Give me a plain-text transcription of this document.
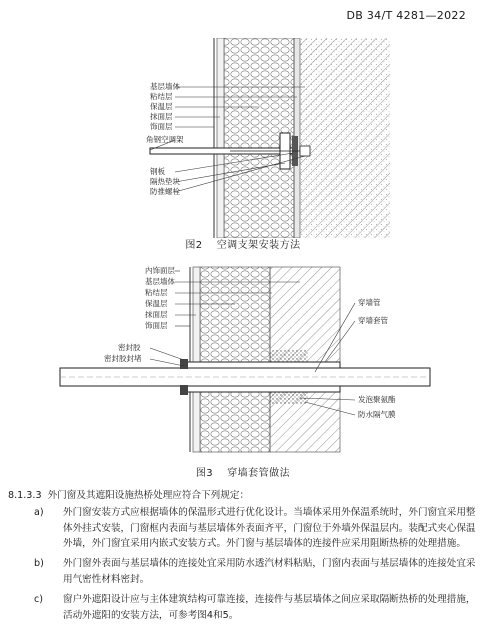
DB 34/T 4281—2022
基层墙体
粘结层
保温层
抹面层
饰面层
角钢空调架
钢板
隔热垫块
防推螺栓
图2 空调支架安装方法
内饰面层
基层墙体
粘结层
保温层
抹面层
饰面层
密封胶
密封胶封堵
穿墙管
穿墙套管
发泡聚氨酯
防水隔气膜
图3 穿墙套管做法

8.1.3.3 外门窗及其遮阳设施热桥处理应符合下列规定：

a) 外门窗安装方式应根据墙体的保温形式进行优化设计。当墙体采用外保温系统时，外门窗宜采用整体外挂式安装，门窗框内表面与基层墙体外表面齐平，门窗位于外墙外保温层内。装配式夹心保温外墙，外门窗宜采用内嵌式安装方式。外门窗与基层墙体的连接件应采用阻断热桥的处理措施。
b) 外门窗外表面与基层墙体的连接处宜采用防水透汽材料粘贴，门窗内表面与基层墙体的连接处宜采用气密性材料密封。
c) 窗户外遮阳设计应与主体建筑结构可靠连接，连接件与基层墙体之间应采取隔断热桥的处理措施，活动外遮阳的安装方法，可参考图4和5。
